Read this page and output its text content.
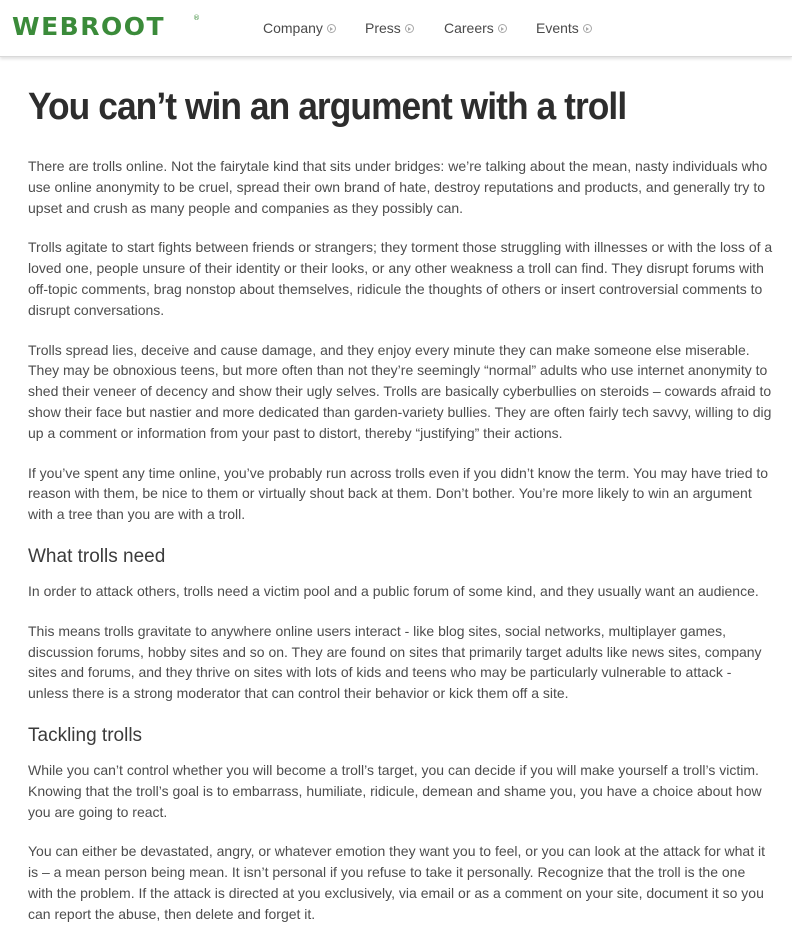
WEBROOT	®
Company	Press	Careers	Events
You can’t win an argument with a troll

There are trolls online. Not the fairytale kind that sits under bridges: we’re talking about the mean, nasty individuals who use online anonymity to be cruel, spread their own brand of hate, destroy reputations and products, and generally try to upset and crush as many people and companies as they possibly can.

Trolls agitate to start fights between friends or strangers; they torment those struggling with illnesses or with the loss of a loved one, people unsure of their identity or their looks, or any other weakness a troll can find. They disrupt forums with off-topic comments, brag nonstop about themselves, ridicule the thoughts of others or insert controversial comments to disrupt conversations.

Trolls spread lies, deceive and cause damage, and they enjoy every minute they can make someone else miserable. They may be obnoxious teens, but more often than not they’re seemingly “normal” adults who use internet anonymity to shed their veneer of decency and show their ugly selves. Trolls are basically cyberbullies on steroids – cowards afraid to show their face but nastier and more dedicated than garden-variety bullies. They are often fairly tech savvy, willing to dig up a comment or information from your past to distort, thereby “justifying” their actions.

If you’ve spent any time online, you’ve probably run across trolls even if you didn’t know the term. You may have tried to reason with them, be nice to them or virtually shout back at them. Don’t bother. You’re more likely to win an argument with a tree than you are with a troll.

What trolls need

In order to attack others, trolls need a victim pool and a public forum of some kind, and they usually want an audience.

This means trolls gravitate to anywhere online users interact - like blog sites, social networks, multiplayer games, discussion forums, hobby sites and so on. They are found on sites that primarily target adults like news sites, company sites and forums, and they thrive on sites with lots of kids and teens who may be particularly vulnerable to attack - unless there is a strong moderator that can control their behavior or kick them off a site.

Tackling trolls

While you can’t control whether you will become a troll’s target, you can decide if you will make yourself a troll’s victim. Knowing that the troll’s goal is to embarrass, humiliate, ridicule, demean and shame you, you have a choice about how you are going to react.

You can either be devastated, angry, or whatever emotion they want you to feel, or you can look at the attack for what it is – a mean person being mean. It isn’t personal if you refuse to take it personally. Recognize that the troll is the one with the problem. If the attack is directed at you exclusively, via email or as a comment on your site, document it so you can report the abuse, then delete and forget it.
